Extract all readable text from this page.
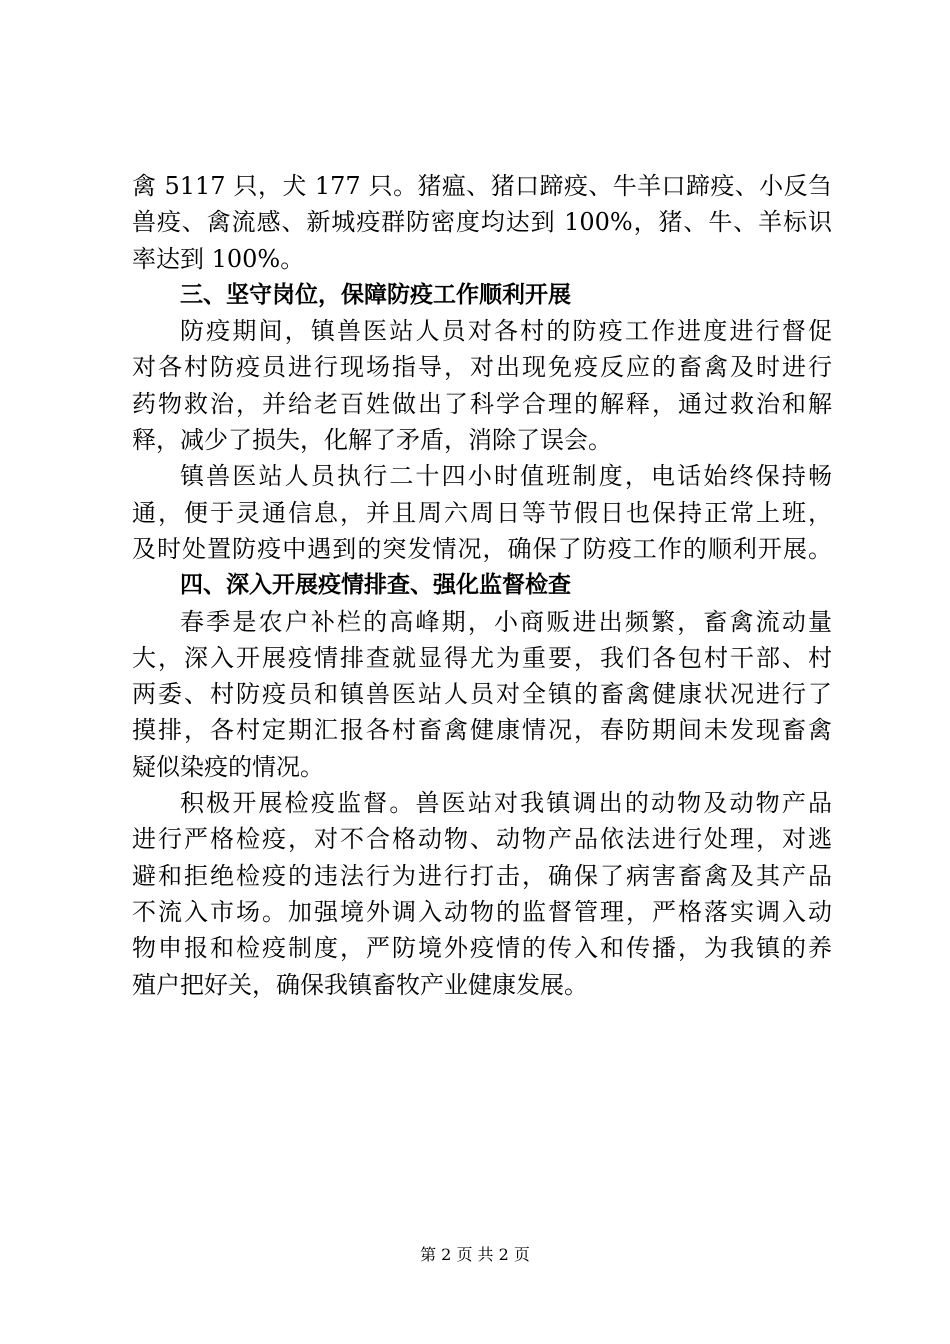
禽 5117 只，犬 177 只。猪瘟、猪口蹄疫、牛羊口蹄疫、小反刍
兽疫、禽流感、新城疫群防密度均达到 100%，猪、牛、羊标识
率达到 100%。
三、坚守岗位，保障防疫工作顺利开展
防疫期间，镇兽医站人员对各村的防疫工作进度进行督促
对各村防疫员进行现场指导，对出现免疫反应的畜禽及时进行
药物救治，并给老百姓做出了科学合理的解释，通过救治和解
释，减少了损失，化解了矛盾，消除了误会。
镇兽医站人员执行二十四小时值班制度，电话始终保持畅
通，便于灵通信息，并且周六周日等节假日也保持正常上班，
及时处置防疫中遇到的突发情况，确保了防疫工作的顺利开展。
四、深入开展疫情排查、强化监督检查
春季是农户补栏的高峰期，小商贩进出频繁，畜禽流动量
大，深入开展疫情排查就显得尤为重要，我们各包村干部、村
两委、村防疫员和镇兽医站人员对全镇的畜禽健康状况进行了
摸排，各村定期汇报各村畜禽健康情况，春防期间未发现畜禽
疑似染疫的情况。
积极开展检疫监督。兽医站对我镇调出的动物及动物产品
进行严格检疫，对不合格动物、动物产品依法进行处理，对逃
避和拒绝检疫的违法行为进行打击，确保了病害畜禽及其产品
不流入市场。加强境外调入动物的监督管理，严格落实调入动
物申报和检疫制度，严防境外疫情的传入和传播，为我镇的养
殖户把好关，确保我镇畜牧产业健康发展。
第 2 页 共 2 页
